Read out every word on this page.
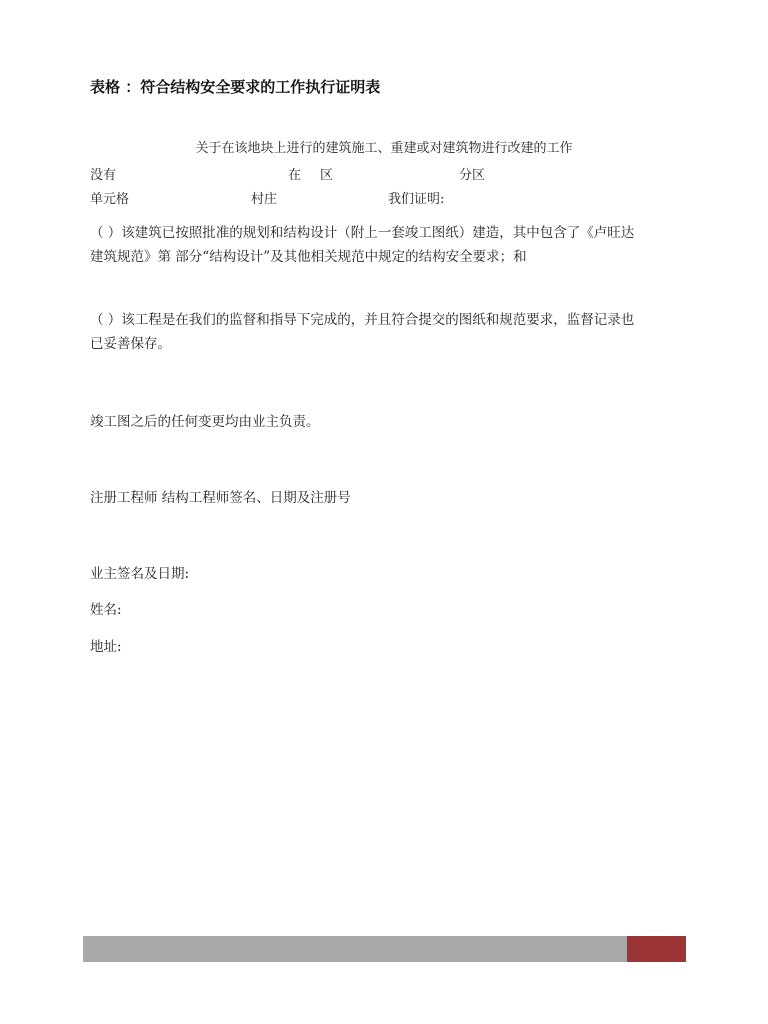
表格 ：符合结构安全要求的工作执行证明表
关于在该地块上进行的建筑施工、重建或对建筑物进行改建的工作
没有	在 区	分区
单元格	村庄	我们证明:
（ ）该建筑已按照批准的规划和结构设计（附上一套竣工图纸）建造，其中包含了《卢旺达
建筑规范》第 部分“结构设计”及其他相关规范中规定的结构安全要求；和
（ ）该工程是在我们的监督和指导下完成的，并且符合提交的图纸和规范要求，监督记录也
已妥善保存。
竣工图之后的任何变更均由业主负责。
注册工程师 结构工程师签名、日期及注册号
业主签名及日期:
姓名:
地址:
